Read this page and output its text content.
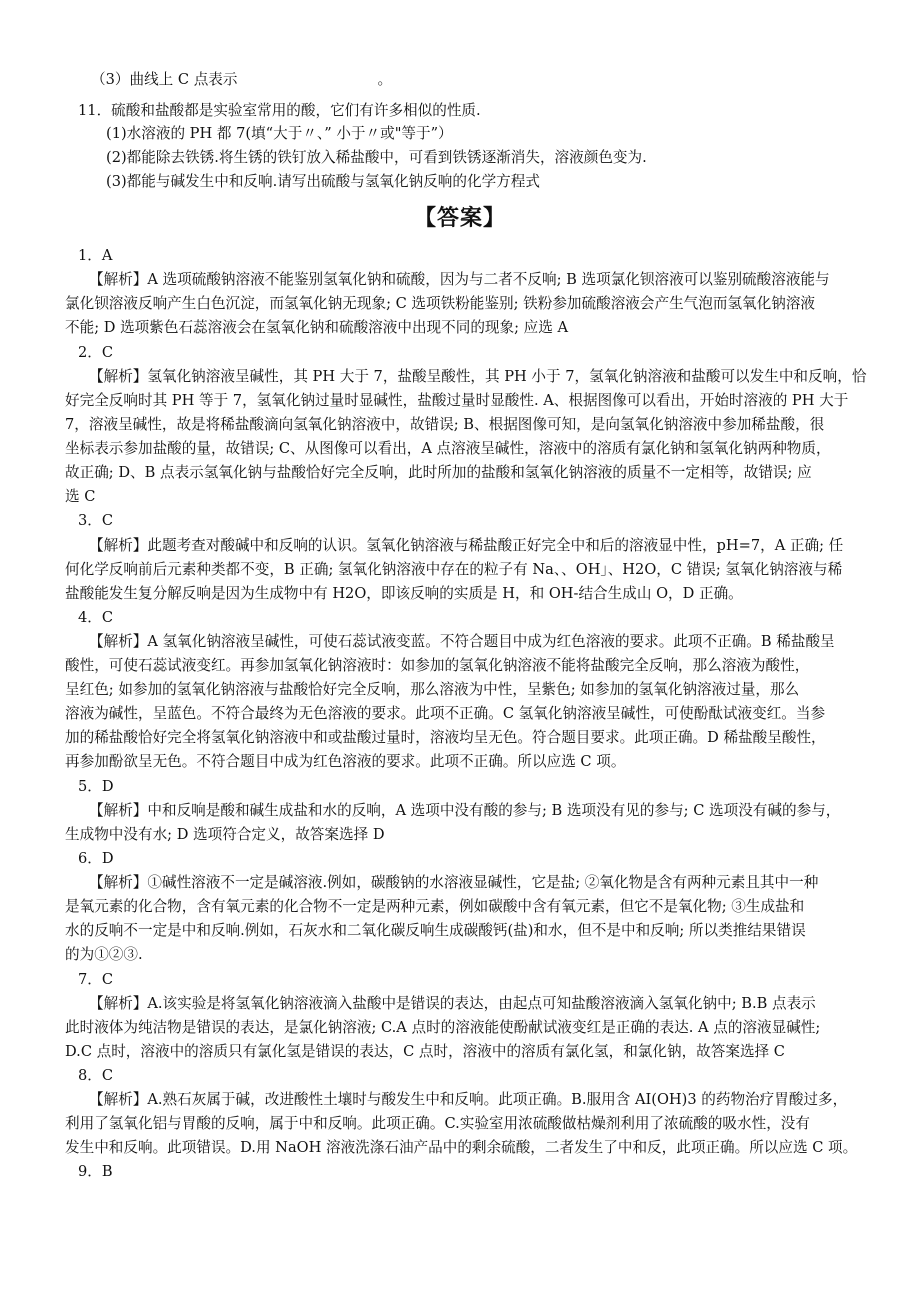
（3）曲线上 C 点表示	。
11．硫酸和盐酸都是实验室常用的酸，它们有许多相似的性质.
(1)水溶液的 PH 都 7(填“大于〃、” 小于〃或"等于”）
(2)都能除去铁锈.将生锈的铁钉放入稀盐酸中，可看到铁锈逐渐消失，溶液颜色变为.
(3)都能与碱发生中和反响.请写出硫酸与氢氧化钠反响的化学方程式
【答案】
1．A
【解析】A 选项硫酸钠溶液不能鉴别氢氧化钠和硫酸，因为与二者不反响; B 选项氯化钡溶液可以鉴别硫酸溶液能与
氯化钡溶液反响产生白色沉淀，而氢氧化钠无现象; C 选项铁粉能鉴别; 铁粉参加硫酸溶液会产生气泡而氢氧化钠溶液
不能; D 选项紫色石蕊溶液会在氢氧化钠和硫酸溶液中出现不同的现象; 应选 A
2．C
【解析】氢氧化钠溶液呈碱性，其 PH 大于 7，盐酸呈酸性，其 PH 小于 7，氢氧化钠溶液和盐酸可以发生中和反响，恰
好完全反响时其 PH 等于 7，氢氧化钠过量时显碱性，盐酸过量时显酸性. A、根据图像可以看出，开始时溶液的 PH 大于
7，溶液呈碱性，故是将稀盐酸滴向氢氧化钠溶液中，故错误; B、根据图像可知，是向氢氧化钠溶液中参加稀盐酸，很
坐标表示参加盐酸的量，故错误; C、从图像可以看出，A 点溶液呈碱性，溶液中的溶质有氯化钠和氢氧化钠两种物质，
故正确; D、B 点表示氢氧化钠与盐酸恰好完全反响，此时所加的盐酸和氢氧化钠溶液的质量不一定相等，故错误; 应
选 C
3．C
【解析】此题考查对酸碱中和反响的认识。氢氧化钠溶液与稀盐酸正好完全中和后的溶液显中性，pH=7，A 正确; 任
何化学反响前后元素种类都不变，B 正确; 氢氧化钠溶液中存在的粒子有 Na、、OH」、H2O，C 错误; 氢氧化钠溶液与稀
盐酸能发生复分解反响是因为生成物中有 H2O，即该反响的实质是 H，和 OH-结合生成山 O，D 正确。
4．C
【解析】A 氢氧化钠溶液呈碱性，可使石蕊试液变蓝。不符合题目中成为红色溶液的要求。此项不正确。B 稀盐酸呈
酸性，可使石蕊试液变红。再参加氢氧化钠溶液时：如参加的氢氧化钠溶液不能将盐酸完全反响，那么溶液为酸性，
呈红色; 如参加的氢氧化钠溶液与盐酸恰好完全反响，那么溶液为中性，呈紫色; 如参加的氢氧化钠溶液过量，那么
溶液为碱性，呈蓝色。不符合最终为无色溶液的要求。此项不正确。C 氢氧化钠溶液呈碱性，可使酚酞试液变红。当参
加的稀盐酸恰好完全将氢氧化钠溶液中和或盐酸过量时，溶液均呈无色。符合题目要求。此项正确。D 稀盐酸呈酸性，
再参加酚欲呈无色。不符合题目中成为红色溶液的要求。此项不正确。所以应选 C 项。
5．D
【解析】中和反响是酸和碱生成盐和水的反响，A 选项中没有酸的参与; B 选项没有见的参与; C 选项没有碱的参与，
生成物中没有水; D 选项符合定义，故答案选择 D
6．D
【解析】①碱性溶液不一定是碱溶液.例如，碳酸钠的水溶液显碱性，它是盐; ②氧化物是含有两种元素且其中一种
是氧元素的化合物，含有氧元素的化合物不一定是两种元素，例如碳酸中含有氧元素，但它不是氧化物; ③生成盐和
水的反响不一定是中和反响.例如，石灰水和二氧化碳反响生成碳酸钙(盐)和水，但不是中和反响; 所以类推结果错误
的为①②③.
7．C
【解析】A.该实验是将氢氧化钠溶液滴入盐酸中是错误的表达，由起点可知盐酸溶液滴入氢氧化钠中; B.B 点表示
此时液体为纯洁物是错误的表达，是氯化钠溶液; C.A 点时的溶液能使酚献试液变红是正确的表达. A 点的溶液显碱性;
D.C 点时，溶液中的溶质只有氯化氢是错误的表达，C 点时，溶液中的溶质有氯化氢，和氯化钠，故答案选择 C
8．C
【解析】A.熟石灰属于碱，改进酸性土壤时与酸发生中和反响。此项正确。B.服用含 AI(OH)3 的药物治疗胃酸过多，
利用了氢氧化铝与胃酸的反响，属于中和反响。此项正确。C.实验室用浓硫酸做枯燥剂利用了浓硫酸的吸水性，没有
发生中和反响。此项错误。D.用 NaOH 溶液洗涤石油产品中的剩余硫酸，二者发生了中和反，此项正确。所以应选 C 项。
9．B
